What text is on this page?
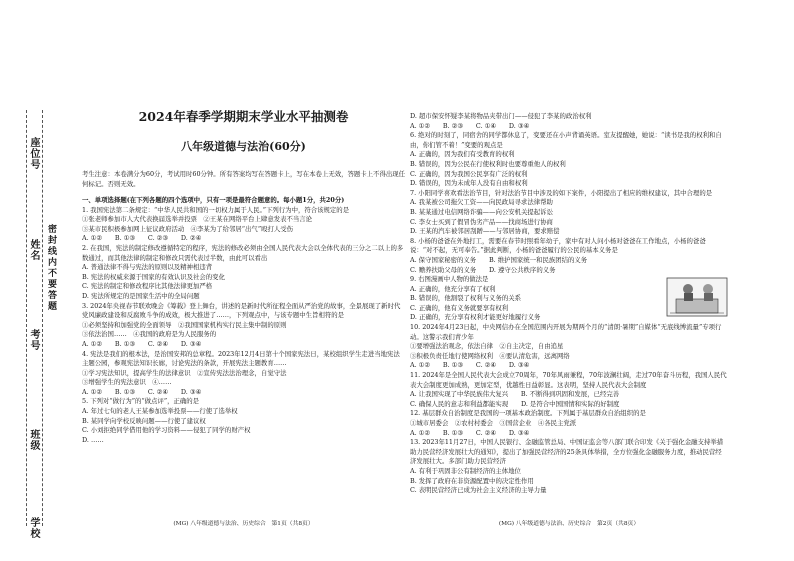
座位号
姓名
考号
班级
学校
密封线内不要答题
2024年春季学期期末学业水平抽测卷
八年级道德与法治(60分)
考生注意：本卷满分为60分，考试用时60分钟。所有答案均写在答题卡上，写在本卷上无效，答题卡上不得出现任何标记。否则无效。

一、单项选择题(在下列各题的四个选项中，只有一项是最符合题意的。每小题1分，共20分)

1. 我国宪法第二条规定：“中华人民共和国的一切权力属于人民。”下列行为中，符合该规定的是

①张老师参加市人大代表换届选举并投票　②王某在网络平台上肆意发表不当言论

③某市民积极参加网上征议政府活动　④李某为了给邻居“出气”殴打人受伤

A. ①②　　B. ①③　　C. ②③　　D. ②④

2. 在我国，宪法的制定修改遵循特定的程序，宪法的修改必须由全国人民代表大会以全体代表的三分之二以上的多数通过，而其他法律的制定和修改只需代表过半数，由此可以看出

A. 普通法律不得与宪法的原则以及精神相违背

B. 宪法的权威来源于国家的有效认识及社会的变化

C. 宪法的制定和修改程序比其他法律更加严格

D. 宪法所规定的是国家生活中的全局问题

3. 2024年央视春节联欢晚会《筹载》登上舞台，讲述的是新时代所征程全面从严治党的故事，全景展现了新时代党风廉政建设和反腐败斗争的成效，极大推进了……，下列观点中，与该专题中生旨相符的是

①必须坚持和加强党的全面领导　②我国国家机构实行民主集中制的原则

③依法治国……　④我国的政府是为人民服务的

A. ①②　　B. ①③　　C. ②④　　D. ③④

4. 宪法是我们的根本法，是治国安邦的总章程。2023年12月4日第十个国家宪法日，某校组织学生走进当地宪法主题公园，参观宪法知识长廊，讨论宪法的条款，开展宪法主题教育……

①学习宪法知识，提高学生的法律意识　②宣传宪法法治理念，自觉守法

③增强学生的宪法意识　④……

A. ①②　　B. ①③　　C. ②④　　D. ③④

5. 下列对“做行为”的“做点评”，正确的是

A. 年过七旬的老人王某参加选举投票——行使了选举权

B. 某同学向学校反映问题——行使了建议权

C. 小刘拒绝同学借用他的学习资料——侵犯了同学的财产权

D. ……

(MG) 八年级道德与法治、历史综合　第1页（共8页）

D. 超市保安怀疑李某将物品夹带出门——侵犯了李某的政治权利

A. ①②　　B. ②③　　C. ①④　　D. ③④

6. 绝对的时刻了，同宿舍的同学都休息了，变要还在小声背诵英语。室友提醒她，她说：“读书是我的权利和自由，你们管不着！”变要的观点是

A. 正确的，因为我们有受教育的权利

B. 错误的，因为公民在行使权利时也要尊重他人的权利

C. 正确的，因为我国公民享有广泛的权利

D. 错误的，因为未成年人没有自由和权利

7. 小阳同学喜欢看法治节目，针对法治节目中涉及的如下案件，小阳提出了相应的维权建议，其中合理的是

A. 我某被公司拖欠工资——向民政局寻求法律帮助

B. 某某通过电信网络诈骗——向公安机关提起诉讼

C. 李女士买到了假冒伪劣产品——找商场进行协商

D. 王某的汽车被邻居刮蹭——与邻居协商，要求赔偿

8. 小杨的爸爸在外地打工，需要在春节时照看年幼子，家中有对人问小杨对爸爸在工作地点，小杨的爸爸说：“对不起，无可奉告。”据此判断，小杨的爸爸履行的公民的基本义务是

A. 保守国家秘密的义务　　B. 维护国家统一和民族团结的义务

C. 赡养扶助父母的义务　　D. 遵守公共秩序的义务

9. 右图漫画中人物的做法是

A. 正确的，他充分享有了权利

B. 错误的，他割裂了权利与义务的关系

C. 正确的，他有义务就要享有权利

D. 正确的，充分享有权利才能更好地履行义务

10. 2024年4月23日起，中央网信办在全国范围内开展为期两个月的“清朗·暑期”自媒体“无底线博流量”专项行动。这警示我们青少年

①要增强法治观念，依法自律　②自主决定，自由追星

③积极负责任地行使网络权利　④要认清危害，远离网络

A. ①②　　B. ①③　　C. ②④　　D. ③④

11. 2024年是全国人民代表大会成立70周年，70年风雨兼程，70年波澜壮阔，走过70年奋斗历程，我国人民代表大会制度更加成熟，更加定型，优越性日益彰显。这表明，坚持人民代表大会制度

A. 让我国实现了中华民族伟大复兴　　B. 不断得到巩固和发展，已经完善

C. 确保人民的意志和利益都能实现　　D. 是符合中国国情和实际的好制度

12. 基层群众自治制度是我国的一项基本政治制度。下列属于基层群众自治组织的是

①城市居委会　②农村村委会　③国营企业　④各民主党派

A. ①②　　B. ①③　　C. ②④　　D. ③④

13. 2023年11月27日，中国人民银行、金融监管总局、中国证监会等八部门联合印发《关于强化金融支持举措助力民营经济发展壮大的通知》，提出了加强民营经济的25条具体举措，全方位强化金融服务力度，推动民营经济发展壮大。多部门助力民营经济

A. 有利于巩固非公有制经济的主体地位

B. 发挥了政府在非资源配置中的决定性作用

C. 表明民营经济已成为社会主义经济的主导力量

(MG) 八年级道德与法治、历史综合　第2页（共8页）
